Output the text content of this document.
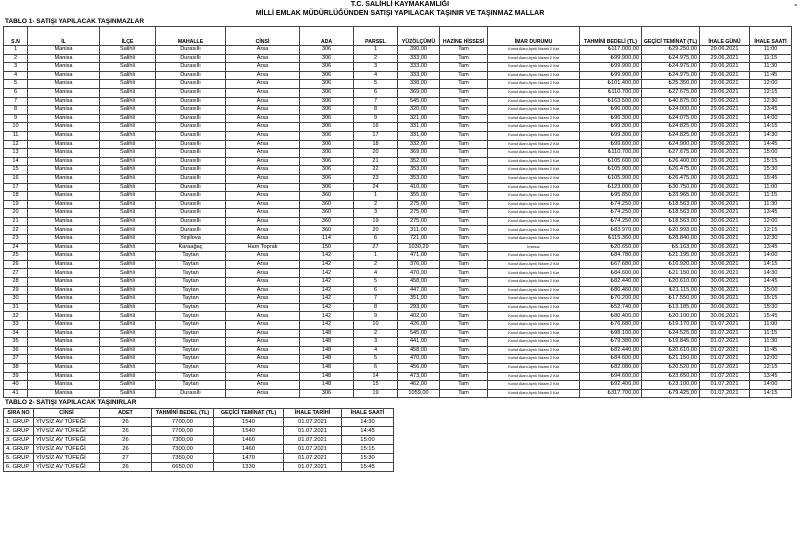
-
T.C. SALİHLİ KAYMAKAMLIĞI
MİLLİ EMLAK MÜDÜRLÜĞÜNDEN SATIŞI YAPILACAK TAŞINIR VE TAŞINMAZ MALLAR
TABLO 1- SATIŞI YAPILACAK TAŞINMAZLAR
S.N	İL	İLÇE	MAHALLE	CİNSİ	ADA	PARSEL	YÜZÖLÇÜMÜ	HAZİNE HİSSESİ	İMAR DURUMU	TAHMİNİ BEDELİ (TL)	GEÇİCİ TEMİNAT (TL)	İHALE GÜNÜ	İHALE SAATİ
1	Manisa	Salihli	Durasıllı	Arsa	306	1	390,00	Tam	Konut Alanı Ayrık Nizam 2 Kat	₺117.000,00	₺29.250,00	29.06.2021	11:00
2	Manisa	Salihli	Durasıllı	Arsa	306	2	333,00	Tam	Konut Alanı Ayrık Nizam 2 Kat	₺99.900,00	₺24.975,00	29.06.2021	11:15
3	Manisa	Salihli	Durasıllı	Arsa	306	3	333,00	Tam	Konut Alanı Ayrık Nizam 2 Kat	₺99.900,00	₺24.975,00	29.06.2021	11:30
4	Manisa	Salihli	Durasıllı	Arsa	306	4	333,00	Tam	Konut Alanı Ayrık Nizam 2 Kat	₺99.900,00	₺24.975,00	29.06.2021	11:45
5	Manisa	Salihli	Durasıllı	Arsa	306	5	338,00	Tam	Konut Alanı Ayrık Nizam 2 Kat	₺101.400,00	₺25.350,00	29.06.2021	12:00
6	Manisa	Salihli	Durasıllı	Arsa	306	6	369,00	Tam	Konut Alanı Ayrık Nizam 2 Kat	₺110.700,00	₺27.675,00	29.06.2021	12:15
7	Manisa	Salihli	Durasıllı	Arsa	306	7	545,00	Tam	Konut Alanı Ayrık Nizam 2 Kat	₺163.500,00	₺40.875,00	29.06.2021	12:30
8	Manisa	Salihli	Durasıllı	Arsa	306	8	320,00	Tam	Konut Alanı Ayrık Nizam 2 Kat	₺96.000,00	₺24.000,00	29.06.2021	13:45
9	Manisa	Salihli	Durasıllı	Arsa	306	9	321,00	Tam	Konut Alanı Ayrık Nizam 2 Kat	₺96.300,00	₺24.075,00	29.06.2021	14:00
10	Manisa	Salihli	Durasıllı	Arsa	306	16	331,00	Tam	Konut Alanı Ayrık Nizam 2 Kat	₺99.300,00	₺24.825,00	29.06.2021	14:15
11	Manisa	Salihli	Durasıllı	Arsa	306	17	331,00	Tam	Konut Alanı Ayrık Nizam 2 Kat	₺99.300,00	₺24.825,00	29.06.2021	14:30
12	Manisa	Salihli	Durasıllı	Arsa	306	18	332,00	Tam	Konut Alanı Ayrık Nizam 2 Kat	₺99.600,00	₺24.900,00	29.06.2021	14:45
13	Manisa	Salihli	Durasıllı	Arsa	306	20	369,00	Tam	Konut Alanı Ayrık Nizam 2 Kat	₺110.700,00	₺27.675,00	29.06.2021	15:00
14	Manisa	Salihli	Durasıllı	Arsa	306	21	352,00	Tam	Konut Alanı Ayrık Nizam 2 Kat	₺105.600,00	₺26.400,00	29.06.2021	15:15
15	Manisa	Salihli	Durasıllı	Arsa	306	22	353,00	Tam	Konut Alanı Ayrık Nizam 2 Kat	₺105.900,00	₺26.475,00	29.06.2021	15:30
16	Manisa	Salihli	Durasıllı	Arsa	306	23	353,00	Tam	Konut Alanı Ayrık Nizam 2 Kat	₺105.900,00	₺26.475,00	29.06.2021	15:45
17	Manisa	Salihli	Durasıllı	Arsa	306	24	410,00	Tam	Konut Alanı Ayrık Nizam 2 Kat	₺123.000,00	₺30.750,00	29.06.2021	11:00
18	Manisa	Salihli	Durasıllı	Arsa	360	1	355,00	Tam	Konut Alanı Ayrık Nizam 2 Kat	₺95.850,00	₺23.965,00	30.06.2021	11:15
19	Manisa	Salihli	Durasıllı	Arsa	360	2	275,00	Tam	Konut Alanı Ayrık Nizam 2 Kat	₺74.250,00	₺18.563,00	30.06.2021	11:30
20	Manisa	Salihli	Durasıllı	Arsa	360	3	275,00	Tam	Konut Alanı Ayrık Nizam 2 Kat	₺74.250,00	₺18.563,00	30.06.2021	13:45
21	Manisa	Salihli	Durasıllı	Arsa	360	19	275,00	Tam	Konut Alanı Ayrık Nizam 2 Kat	₺74.250,00	₺18.563,00	30.06.2021	12:00
22	Manisa	Salihli	Durasıllı	Arsa	360	20	311,00	Tam	Konut Alanı Ayrık Nizam 2 Kat	₺83.970,00	₺20.993,00	30.06.2021	12:15
23	Manisa	Salihli	Yeşilova	Arsa	114	6	721,00	Tam	Konut Alanı Ayrık Nizam 2 Kat	₺115.360,00	₺28.840,00	30.06.2021	12:30
24	Manisa	Salihli	Karaağaç	Ham Toprak	150	27	1030,29	Tam	İmarsız	₺20.650,00	₺5.163,00	30.06.2021	13:45
25	Manisa	Salihli	Taytan	Arsa	142	1	471,00	Tam	Konut Alanı Ayrık Nizam 2 Kat	₺84.780,00	₺21.195,00	30.06.2021	14:00
26	Manisa	Salihli	Taytan	Arsa	142	2	376,00	Tam	Konut Alanı Ayrık Nizam 2 Kat	₺67.680,00	₺16.920,00	30.06.2021	14:15
27	Manisa	Salihli	Taytan	Arsa	142	4	470,00	Tam	Konut Alanı Ayrık Nizam 2 Kat	₺84.600,00	₺21.150,00	30.06.2021	14:30
28	Manisa	Salihli	Taytan	Arsa	142	5	458,00	Tam	Konut Alanı Ayrık Nizam 2 Kat	₺82.440,00	₺20.610,00	30.06.2021	14:45
29	Manisa	Salihli	Taytan	Arsa	142	6	447,00	Tam	Konut Alanı Ayrık Nizam 2 Kat	₺80.460,00	₺21.115,00	30.06.2021	15:00
30	Manisa	Salihli	Taytan	Arsa	142	7	351,00	Tam	Konut Alanı Ayrık Nizam 2 Kat	₺70.200,00	₺17.550,00	30.06.2021	15:15
31	Manisa	Salihli	Taytan	Arsa	142	8	293,00	Tam	Konut Alanı Ayrık Nizam 2 Kat	₺52.740,00	₺13.185,00	30.06.2021	15:30
32	Manisa	Salihli	Taytan	Arsa	142	9	402,00	Tam	Konut Alanı Ayrık Nizam 2 Kat	₺80.400,00	₺20.100,00	30.06.2021	15:45
33	Manisa	Salihli	Taytan	Arsa	142	10	426,00	Tam	Konut Alanı Ayrık Nizam 2 Kat	₺76.680,00	₺19.170,00	01.07.2021	11:00
34	Manisa	Salihli	Taytan	Arsa	148	2	545,00	Tam	Konut Alanı Ayrık Nizam 2 Kat	₺98.100,00	₺24.525,00	01.07.2021	11:15
35	Manisa	Salihli	Taytan	Arsa	148	3	441,00	Tam	Konut Alanı Ayrık Nizam 2 Kat	₺79.380,00	₺19.845,00	01.07.2021	11:30
36	Manisa	Salihli	Taytan	Arsa	148	4	458,00	Tam	Konut Alanı Ayrık Nizam 2 Kat	₺82.440,00	₺20.610,00	01.07.2021	11:45
37	Manisa	Salihli	Taytan	Arsa	148	5	470,00	Tam	Konut Alanı Ayrık Nizam 2 Kat	₺84.600,00	₺21.150,00	01.07.2021	12:00
38	Manisa	Salihli	Taytan	Arsa	148	6	456,00	Tam	Konut Alanı Ayrık Nizam 2 Kat	₺82.080,00	₺20.520,00	01.07.2021	12:15
39	Manisa	Salihli	Taytan	Arsa	148	14	473,00	Tam	Konut Alanı Ayrık Nizam 2 Kat	₺94.600,00	₺23.650,00	01.07.2021	13:45
40	Manisa	Salihli	Taytan	Arsa	148	15	462,00	Tam	Konut Alanı Ayrık Nizam 2 Kat	₺92.400,00	₺23.100,00	01.07.2021	14:00
41	Manisa	Salihli	Durasıllı	Arsa	306	19	1059,00	Tam	Konut Alanı Ayrık Nizam 2 Kat	₺317.700,00	₺79.425,00	01.07.2021	14:15
TABLO 2- SATIŞI YAPILACAK TAŞINIRLAR
SIRA NO	CİNSİ	ADET	TAHMİNİ BEDEL (TL)	GEÇİCİ TEMİNAT (TL)	İHALE TARİHİ	İHALE SAATİ
1. GRUP	YİVSİZ AV TÜFEĞİ	26	7700,00	1540	01.07.2021	14:30
2. GRUP	YİVSİZ AV TÜFEĞİ	26	7700,00	1540	01.07.2021	14:45
3. GRUP	YİVSİZ AV TÜFEĞİ	26	7300,00	1460	01.07.2021	15:00
4. GRUP	YİVSİZ AV TÜFEĞİ	26	7300,00	1460	01.07.2021	15:15
5. GRUP	YİVSİZ AV TÜFEĞİ	27	7350,00	1470	01.07.2021	15:30
6. GRUP	YİVSİZ AV TÜFEĞİ	26	6650,00	1330	01.07.2021	15:45
